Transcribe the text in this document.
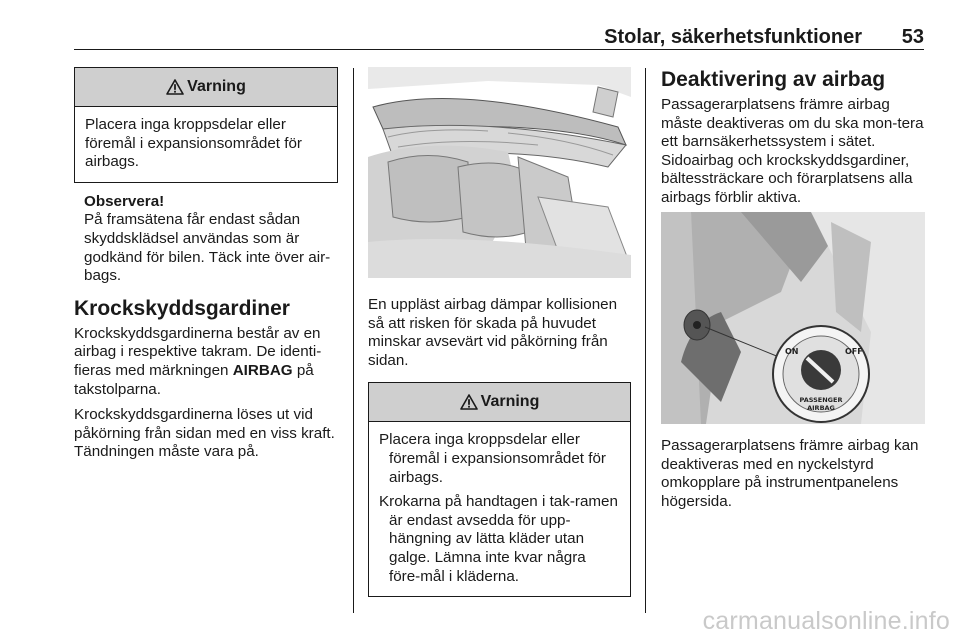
Stolar, säkerhetsfunktioner 53
Varning

Placera inga kroppsdelar eller föremål i expansionsområdet för airbags.

Observera!

På framsätena får endast sådan skyddsklädsel användas som är godkänd för bilen. Täck inte över air-bags.

Krockskyddsgardiner

Krockskyddsgardinerna består av en airbag i respektive takram. De identi-fieras med märkningen AIRBAG på takstolparna.

Krockskyddsgardinerna löses ut vid påkörning från sidan med en viss kraft. Tändningen måste vara på.

En uppläst airbag dämpar kollisionen så att risken för skada på huvudet minskar avsevärt vid påkörning från sidan.

Varning

Placera inga kroppsdelar eller föremål i expansionsområdet för airbags.

Krokarna på handtagen i tak-ramen är endast avsedda för upp-hängning av lätta kläder utan galge. Lämna inte kvar några före-mål i kläderna.

Deaktivering av airbag

Passagerarplatsens främre airbag måste deaktiveras om du ska mon-tera ett barnsäkerhetssystem i sätet. Sidoairbag och krockskyddsgardiner, bältessträckare och förarplatsens alla airbags förblir aktiva.

ON	OFF
PASSENGER
AIRBAG

Passagerarplatsens främre airbag kan deaktiveras med en nyckelstyrd omkopplare på instrumentpanelens högersida.

carmanualsonline.info
